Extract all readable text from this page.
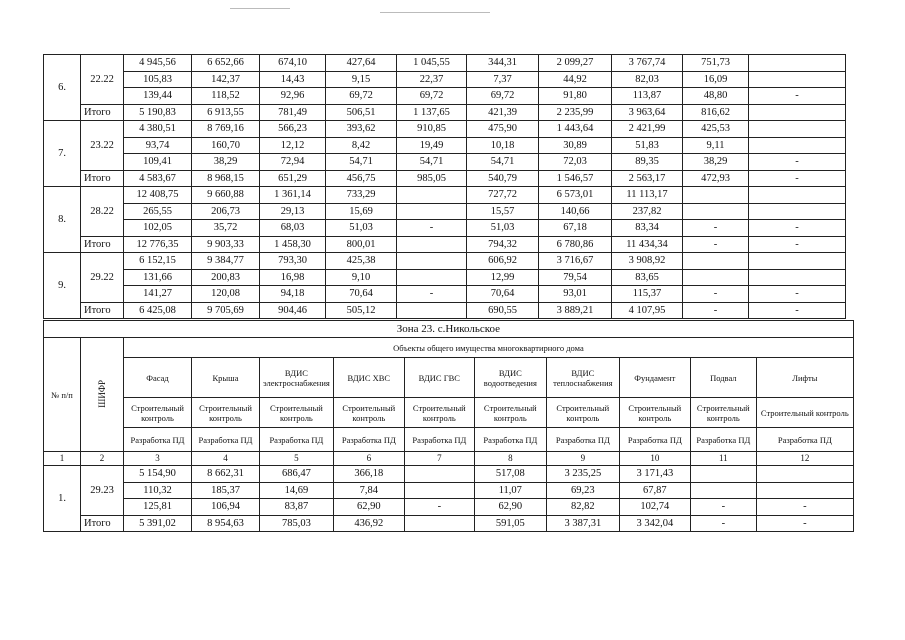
6.	22.22	4 945,56	6 652,66	674,10	427,64	1 045,55	344,31	2 099,27	3 767,74	751,73	
		105,83	142,37	14,43	9,15	22,37	7,37	44,92	82,03	16,09	
		139,44	118,52	92,96	69,72	69,72	69,72	91,80	113,87	48,80	-
	Итого	5 190,83	6 913,55	781,49	506,51	1 137,65	421,39	2 235,99	3 963,64	816,62	
7.	23.22	4 380,51	8 769,16	566,23	393,62	910,85	475,90	1 443,64	2 421,99	425,53	
		93,74	160,70	12,12	8,42	19,49	10,18	30,89	51,83	9,11	
		109,41	38,29	72,94	54,71	54,71	54,71	72,03	89,35	38,29	-
	Итого	4 583,67	8 968,15	651,29	456,75	985,05	540,79	1 546,57	2 563,17	472,93	-
8.	28.22	12 408,75	9 660,88	1 361,14	733,29		727,72	6 573,01	11 113,17		
		265,55	206,73	29,13	15,69		15,57	140,66	237,82		
		102,05	35,72	68,03	51,03	-	51,03	67,18	83,34	-	-
	Итого	12 776,35	9 903,33	1 458,30	800,01		794,32	6 780,86	11 434,34	-	-
9.	29.22	6 152,15	9 384,77	793,30	425,38		606,92	3 716,67	3 908,92		
		131,66	200,83	16,98	9,10		12,99	79,54	83,65		
		141,27	120,08	94,18	70,64	-	70,64	93,01	115,37	-	-
	Итого	6 425,08	9 705,69	904,46	505,12		690,55	3 889,21	4 107,95	-	-
Зона 23. с.Никольское											
№ п/п	ШИФР	Объекты общего имущества многоквартирного дома									
		Фасад	Крыша	ВДИС электроснабжения	ВДИС ХВС	ВДИС ГВС	ВДИС водоотведения	ВДИС теплоснабжения	Фундамент	Подвал	Лифты
		Строительный контроль	Строительный контроль	Строительный контроль	Строительный контроль	Строительный контроль	Строительный контроль	Строительный контроль	Строительный контроль	Строительный контроль	Строительный контроль
		Разработка ПД	Разработка ПД	Разработка ПД	Разработка ПД	Разработка ПД	Разработка ПД	Разработка ПД	Разработка ПД	Разработка ПД	Разработка ПД
1	2	3	4	5	6	7	8	9	10	11	12
1.	29.23	5 154,90	8 662,31	686,47	366,18		517,08	3 235,25	3 171,43		
		110,32	185,37	14,69	7,84		11,07	69,23	67,87		
		125,81	106,94	83,87	62,90	-	62,90	82,82	102,74	-	-
	Итого	5 391,02	8 954,63	785,03	436,92		591,05	3 387,31	3 342,04	-	-
